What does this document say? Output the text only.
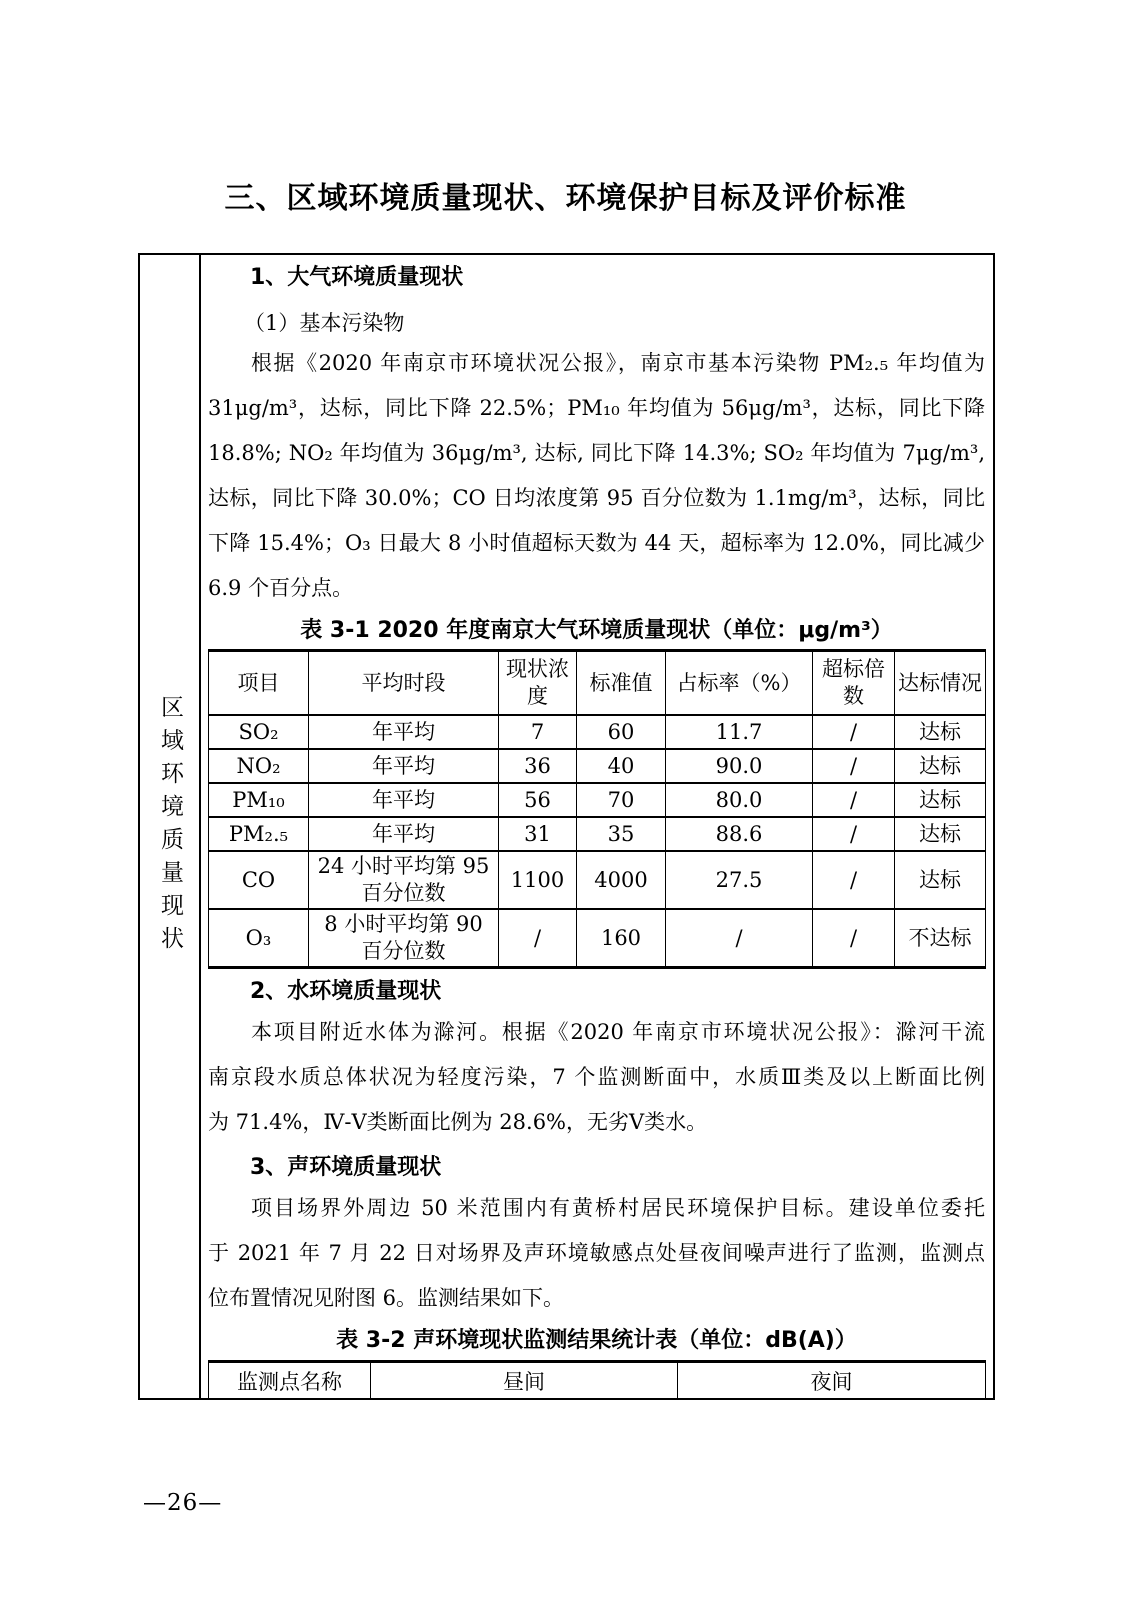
三、区域环境质量现状、环境保护目标及评价标准
区域环境质量现状
1、大气环境质量现状
（1）基本污染物
根据《2020 年南京市环境状况公报》，南京市基本污染物 PM₂.₅ 年均值为
31μg/m³，达标，同比下降 22.5%；PM₁₀ 年均值为 56μg/m³，达标，同比下降
18.8%; NO₂ 年均值为 36μg/m³, 达标, 同比下降 14.3%; SO₂ 年均值为 7μg/m³,
达标，同比下降 30.0%；CO 日均浓度第 95 百分位数为 1.1mg/m³，达标，同比
下降 15.4%；O₃ 日最大 8 小时值超标天数为 44 天，超标率为 12.0%，同比减少
6.9 个百分点。
表 3-1 2020 年度南京大气环境质量现状（单位：μg/m³）
项目	平均时段	现状浓度	标准值	占标率（%）	超标倍数	达标情况
SO₂	年平均	7	60	11.7	/	达标
NO₂	年平均	36	40	90.0	/	达标
PM₁₀	年平均	56	70	80.0	/	达标
PM₂.₅	年平均	31	35	88.6	/	达标
CO	24 小时平均第 95 百分位数	1100	4000	27.5	/	达标
O₃	8 小时平均第 90 百分位数	/	160	/	/	不达标
2、水环境质量现状
本项目附近水体为滁河。根据《2020 年南京市环境状况公报》：滁河干流
南京段水质总体状况为轻度污染，7 个监测断面中，水质Ⅲ类及以上断面比例
为 71.4%，Ⅳ-Ⅴ类断面比例为 28.6%，无劣Ⅴ类水。
3、声环境质量现状
项目场界外周边 50 米范围内有黄桥村居民环境保护目标。建设单位委托
于 2021 年 7 月 22 日对场界及声环境敏感点处昼夜间噪声进行了监测，监测点
位布置情况见附图 6。监测结果如下。
表 3-2 声环境现状监测结果统计表（单位：dB(A)）
监测点名称	昼间	夜间
—26—
